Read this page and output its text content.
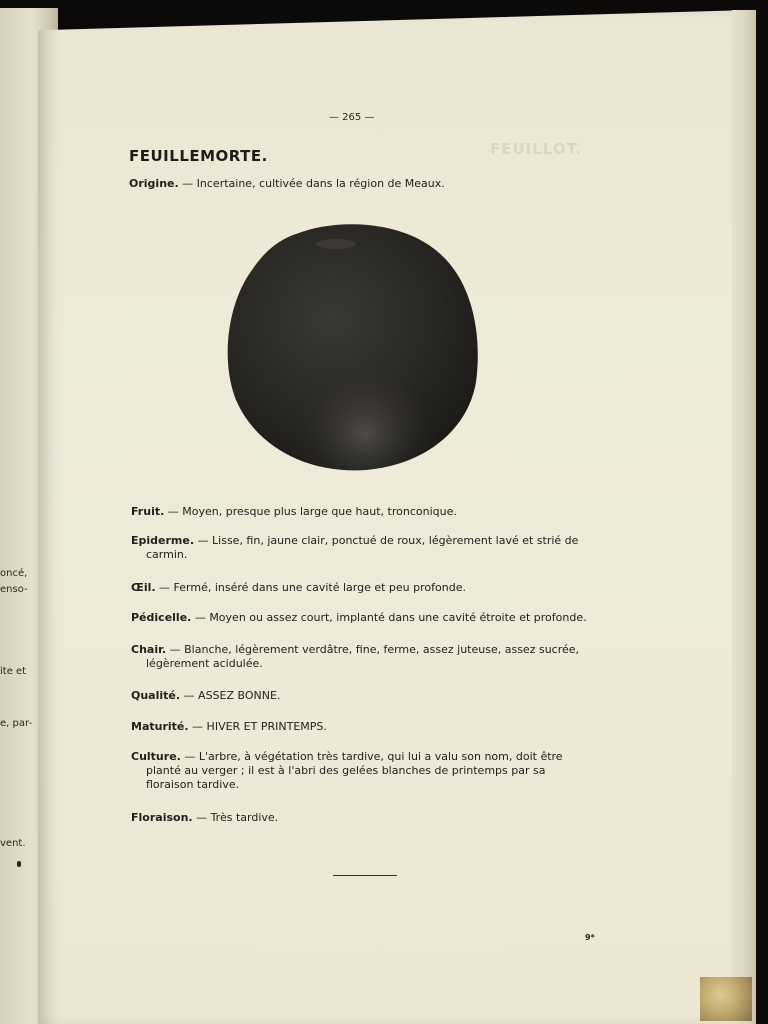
oncé,
enso-
ite et
e, par-
vent.
FEUILLOT.
— 265 —
FEUILLEMORTE.
Origine. — Incertaine, cultivée dans la région de Meaux.
Fruit. — Moyen, presque plus large que haut, tronconique.
Epiderme. — Lisse, fin, jaune clair, ponctué de roux, légèrement lavé et strié de
carmin.
Œil. — Fermé, inséré dans une cavité large et peu profonde.
Pédicelle. — Moyen ou assez court, implanté dans une cavité étroite et profonde.
Chair. — Blanche, légèrement verdâtre, fine, ferme, assez juteuse, assez sucrée,
légèrement acidulée.
Qualité. — ASSEZ BONNE.
Maturité. — HIVER ET PRINTEMPS.
Culture. — L'arbre, à végétation très tardive, qui lui a valu son nom, doit être
planté au verger ; il est à l'abri des gelées blanches de printemps par sa floraison tardive.
Floraison. — Très tardive.
9*
